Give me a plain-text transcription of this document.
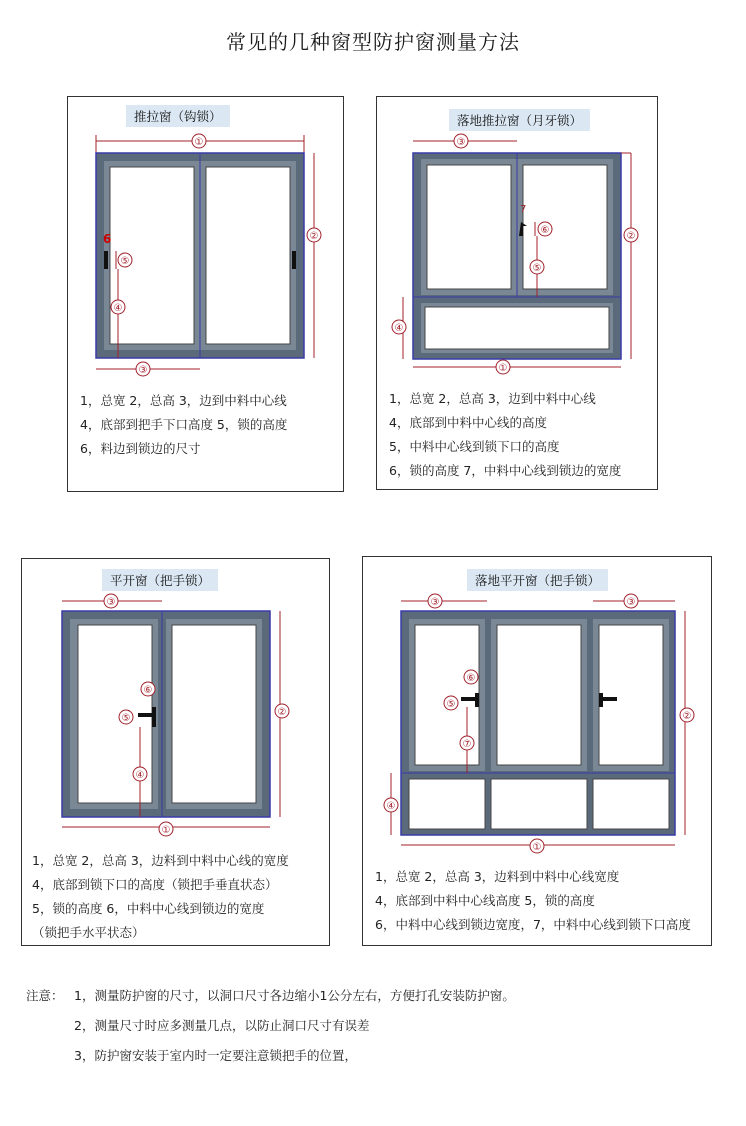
常见的几种窗型防护窗测量方法
推拉窗（钩锁）
①
②
③
④
⑤
6
1，总宽 2，总高 3，边到中料中心线
4，底部到把手下口高度 5，锁的高度
6，料边到锁边的尺寸
落地推拉窗（月牙锁）
③
②
①
④
⑤
⑥
7
1，总宽 2，总高 3，边到中料中心线
4，底部到中料中心线的高度
5，中料中心线到锁下口的高度
6，锁的高度 7，中料中心线到锁边的宽度
平开窗（把手锁）
③
②
①
④
⑤
⑥
1，总宽 2，总高 3，边料到中料中心线的宽度
4，底部到锁下口的高度（锁把手垂直状态）
5，锁的高度 6，中料中心线到锁边的宽度
（锁把手水平状态）
落地平开窗（把手锁）
③	③
②
①
④
⑤
⑥
⑦
1，总宽 2，总高 3，边料到中料中心线宽度
4，底部到中料中心线高度 5，锁的高度
6，中料中心线到锁边宽度，7，中料中心线到锁下口高度
注意： 1，测量防护窗的尺寸，以洞口尺寸各边缩小1公分左右，方便打孔安装防护窗。
2，测量尺寸时应多测量几点，以防止洞口尺寸有误差
3，防护窗安装于室内时一定要注意锁把手的位置，
